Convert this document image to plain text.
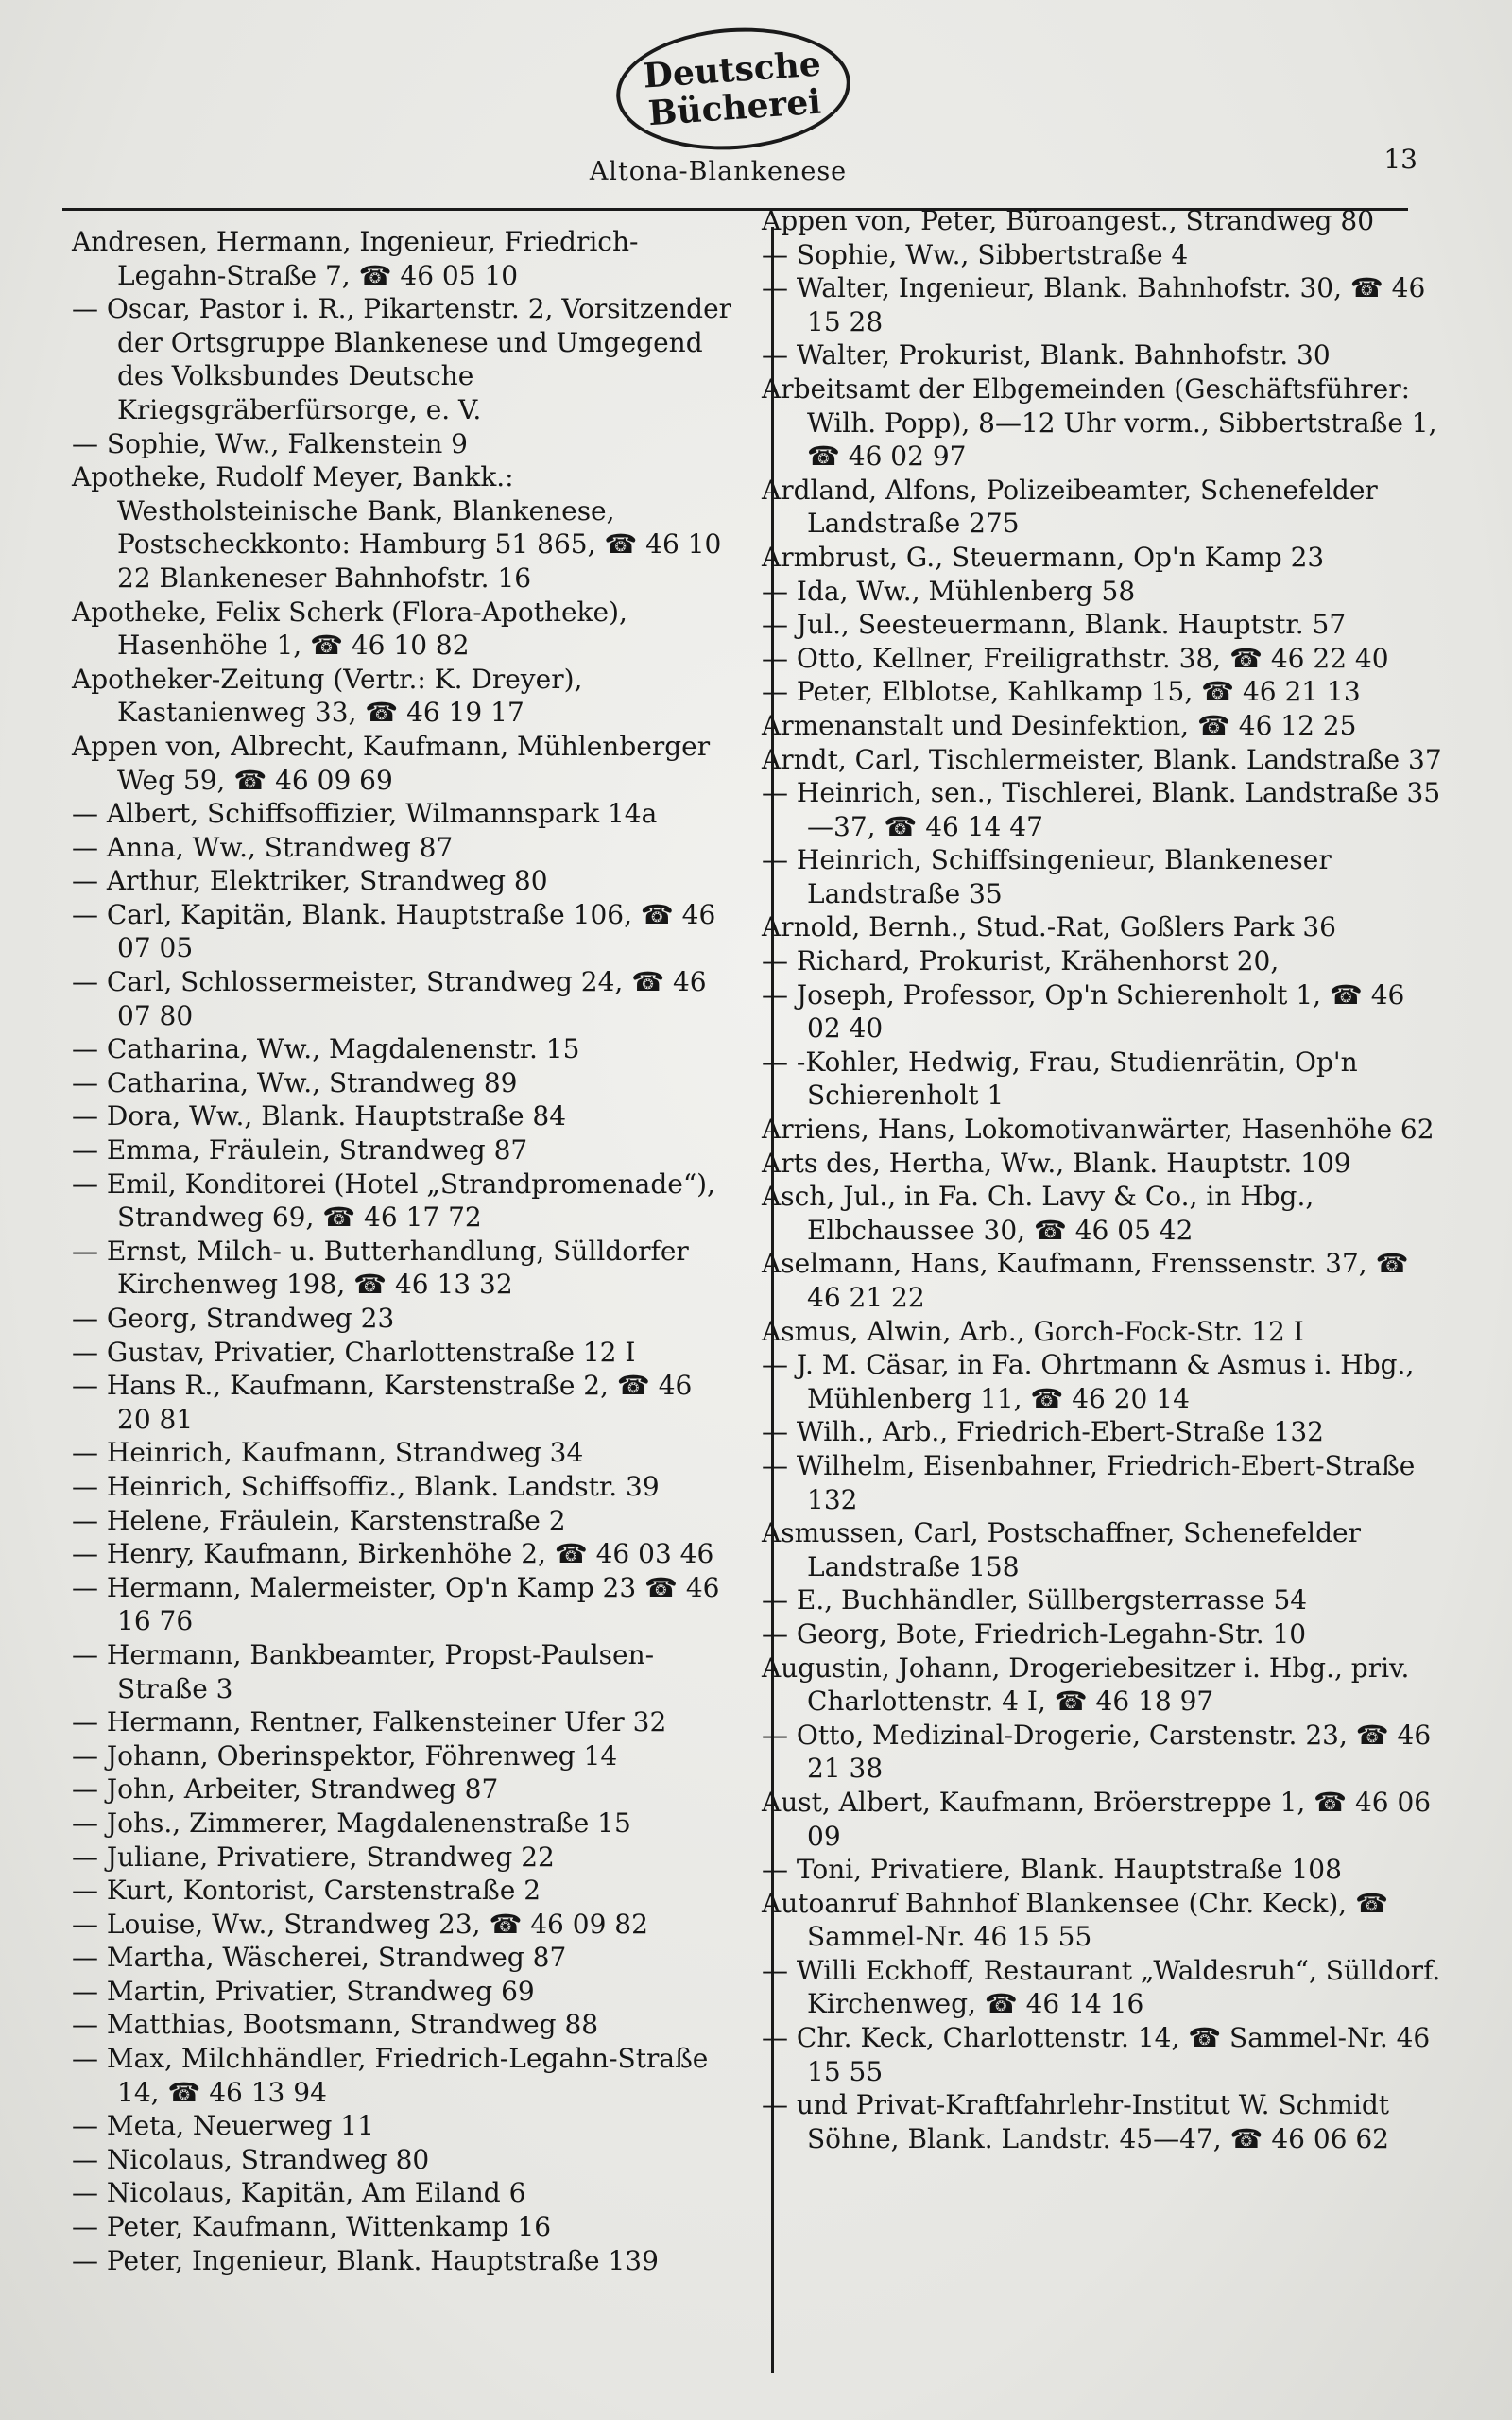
Deutsche
Bücherei
Altona-Blankenese	13

Andresen, Hermann, Ingenieur, Friedrich-Legahn-Straße 7, ☎ 46 05 10

— Oscar, Pastor i. R., Pikartenstr. 2, Vorsitzender der Ortsgruppe Blankenese und Umgegend des Volksbundes Deutsche Kriegsgräberfürsorge, e. V.

— Sophie, Ww., Falkenstein 9

Apotheke, Rudolf Meyer, Bankk.: Westholsteinische Bank, Blankenese, Postscheckkonto: Hamburg 51 865, ☎ 46 10 22 Blankeneser Bahnhofstr. 16

Apotheke, Felix Scherk (Flora-Apotheke), Hasenhöhe 1, ☎ 46 10 82

Apotheker-Zeitung (Vertr.: K. Dreyer), Kastanienweg 33, ☎ 46 19 17

Appen von, Albrecht, Kaufmann, Mühlenberger Weg 59, ☎ 46 09 69

— Albert, Schiffsoffizier, Wilmannspark 14a

— Anna, Ww., Strandweg 87

— Arthur, Elektriker, Strandweg 80

— Carl, Kapitän, Blank. Hauptstraße 106, ☎ 46 07 05

— Carl, Schlossermeister, Strandweg 24, ☎ 46 07 80

— Catharina, Ww., Magdalenenstr. 15

— Catharina, Ww., Strandweg 89

— Dora, Ww., Blank. Hauptstraße 84

— Emma, Fräulein, Strandweg 87

— Emil, Konditorei (Hotel „Strandpromenade“), Strandweg 69, ☎ 46 17 72

— Ernst, Milch- u. Butterhandlung, Sülldorfer Kirchenweg 198, ☎ 46 13 32

— Georg, Strandweg 23

— Gustav, Privatier, Charlottenstraße 12 I

— Hans R., Kaufmann, Karstenstraße 2, ☎ 46 20 81

— Heinrich, Kaufmann, Strandweg 34

— Heinrich, Schiffsoffiz., Blank. Landstr. 39

— Helene, Fräulein, Karstenstraße 2

— Henry, Kaufmann, Birkenhöhe 2, ☎ 46 03 46

— Hermann, Malermeister, Op'n Kamp 23 ☎ 46 16 76

— Hermann, Bankbeamter, Propst-Paulsen-Straße 3

— Hermann, Rentner, Falkensteiner Ufer 32

— Johann, Oberinspektor, Föhrenweg 14

— John, Arbeiter, Strandweg 87

— Johs., Zimmerer, Magdalenenstraße 15

— Juliane, Privatiere, Strandweg 22

— Kurt, Kontorist, Carstenstraße 2

— Louise, Ww., Strandweg 23, ☎ 46 09 82

— Martha, Wäscherei, Strandweg 87

— Martin, Privatier, Strandweg 69

— Matthias, Bootsmann, Strandweg 88

— Max, Milchhändler, Friedrich-Legahn-Straße 14, ☎ 46 13 94

— Meta, Neuerweg 11

— Nicolaus, Strandweg 80

— Nicolaus, Kapitän, Am Eiland 6

— Peter, Kaufmann, Wittenkamp 16

— Peter, Ingenieur, Blank. Hauptstraße 139

Appen von, Peter, Büroangest., Strandweg 80

— Sophie, Ww., Sibbertstraße 4

— Walter, Ingenieur, Blank. Bahnhofstr. 30, ☎ 46 15 28

— Walter, Prokurist, Blank. Bahnhofstr. 30

Arbeitsamt der Elbgemeinden (Geschäftsführer: Wilh. Popp), 8—12 Uhr vorm., Sibbertstraße 1, ☎ 46 02 97

Ardland, Alfons, Polizeibeamter, Schenefelder Landstraße 275

Armbrust, G., Steuermann, Op'n Kamp 23

— Ida, Ww., Mühlenberg 58

— Jul., Seesteuermann, Blank. Hauptstr. 57

— Otto, Kellner, Freiligrathstr. 38, ☎ 46 22 40

— Peter, Elblotse, Kahlkamp 15, ☎ 46 21 13

Armenanstalt und Desinfektion, ☎ 46 12 25

Arndt, Carl, Tischlermeister, Blank. Landstraße 37

— Heinrich, sen., Tischlerei, Blank. Landstraße 35—37, ☎ 46 14 47

— Heinrich, Schiffsingenieur, Blankeneser Landstraße 35

Arnold, Bernh., Stud.-Rat, Goßlers Park 36

— Richard, Prokurist, Krähenhorst 20,

— Joseph, Professor, Op'n Schierenholt 1, ☎ 46 02 40

— -Kohler, Hedwig, Frau, Studienrätin, Op'n Schierenholt 1

Arriens, Hans, Lokomotivanwärter, Hasenhöhe 62

Arts des, Hertha, Ww., Blank. Hauptstr. 109

Asch, Jul., in Fa. Ch. Lavy & Co., in Hbg., Elbchaussee 30, ☎ 46 05 42

Aselmann, Hans, Kaufmann, Frenssenstr. 37, ☎ 46 21 22

Asmus, Alwin, Arb., Gorch-Fock-Str. 12 I

— J. M. Cäsar, in Fa. Ohrtmann & Asmus i. Hbg., Mühlenberg 11, ☎ 46 20 14

— Wilh., Arb., Friedrich-Ebert-Straße 132

— Wilhelm, Eisenbahner, Friedrich-Ebert-Straße 132

Asmussen, Carl, Postschaffner, Schenefelder Landstraße 158

— E., Buchhändler, Süllbergsterrasse 54

— Georg, Bote, Friedrich-Legahn-Str. 10

Augustin, Johann, Drogeriebesitzer i. Hbg., priv. Charlottenstr. 4 I, ☎ 46 18 97

— Otto, Medizinal-Drogerie, Carstenstr. 23, ☎ 46 21 38

Aust, Albert, Kaufmann, Bröerstreppe 1, ☎ 46 06 09

— Toni, Privatiere, Blank. Hauptstraße 108

Autoanruf Bahnhof Blankensee (Chr. Keck), ☎ Sammel-Nr. 46 15 55

— Willi Eckhoff, Restaurant „Waldesruh“, Sülldorf. Kirchenweg, ☎ 46 14 16

— Chr. Keck, Charlottenstr. 14, ☎ Sammel-Nr. 46 15 55

— und Privat-Kraftfahrlehr-Institut W. Schmidt Söhne, Blank. Landstr. 45—47, ☎ 46 06 62
